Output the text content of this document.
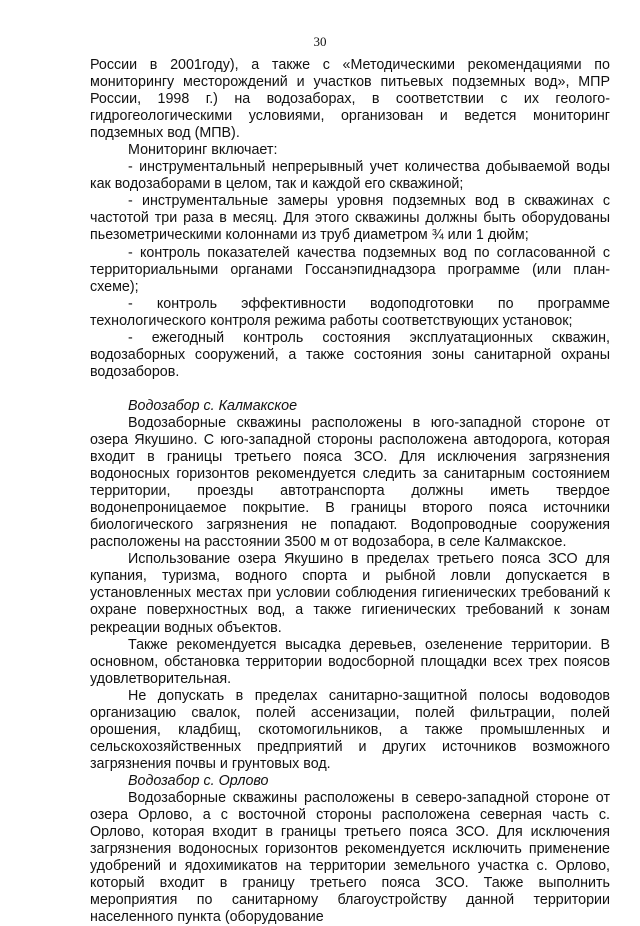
30

России в 2001году), а также с «Методическими рекомендациями по мониторингу месторождений и участков питьевых подземных вод», МПР России, 1998 г.) на водозаборах, в соответствии с их геолого-гидрогеологическими условиями, организован и ведется мониторинг подземных вод (МПВ).

Мониторинг включает:

- инструментальный непрерывный учет количества добываемой воды как водозаборами в целом, так и каждой его скважиной;

- инструментальные замеры уровня подземных вод в скважинах с частотой три раза в месяц. Для этого скважины должны быть оборудованы пьезометрическими колоннами из труб диаметром ¾ или 1 дюйм;

- контроль показателей качества подземных вод по согласованной с территориальными органами Госсанэпиднадзора программе (или план-схеме);

- контроль эффективности водоподготовки по программе технологического контроля режима работы соответствующих установок;

- ежегодный контроль состояния эксплуатационных скважин, водозаборных сооружений, а также состояния зоны санитарной охраны водозаборов.

Водозабор с. Калмакское

Водозаборные скважины расположены в юго-западной стороне от озера Якушино. С юго-западной стороны расположена автодорога, которая входит в границы третьего пояса ЗСО. Для исключения загрязнения водоносных горизонтов рекомендуется следить за санитарным состоянием территории, проезды автотранспорта должны иметь твердое водонепроницаемое покрытие. В границы второго пояса источники биологического загрязнения не попадают. Водопроводные сооружения расположены на расстоянии 3500 м от водозабора, в селе Калмакское.

Использование озера Якушино в пределах третьего пояса ЗСО для купания, туризма, водного спорта и рыбной ловли допускается в установленных местах при условии соблюдения гигиенических требований к охране поверхностных вод, а также гигиенических требований к зонам рекреации водных объектов.

Также рекомендуется высадка деревьев, озеленение территории. В основном, обстановка территории водосборной площадки всех трех поясов удовлетворительная.

Не допускать в пределах санитарно-защитной полосы водоводов организацию свалок, полей ассенизации, полей фильтрации, полей орошения, кладбищ, скотомогильников, а также промышленных и сельскохозяйственных предприятий и других источников возможного загрязнения почвы и грунтовых вод.

Водозабор с. Орлово

Водозаборные скважины расположены в северо-западной стороне от озера Орлово, а с восточной стороны расположена северная часть с. Орлово, которая входит в границы третьего пояса ЗСО. Для исключения загрязнения водоносных горизонтов рекомендуется исключить применение удобрений и ядохимикатов на территории земельного участка с. Орлово, который входит в границу третьего пояса ЗСО. Также выполнить мероприятия по санитарному благоустройству данной территории населенного пункта (оборудование
